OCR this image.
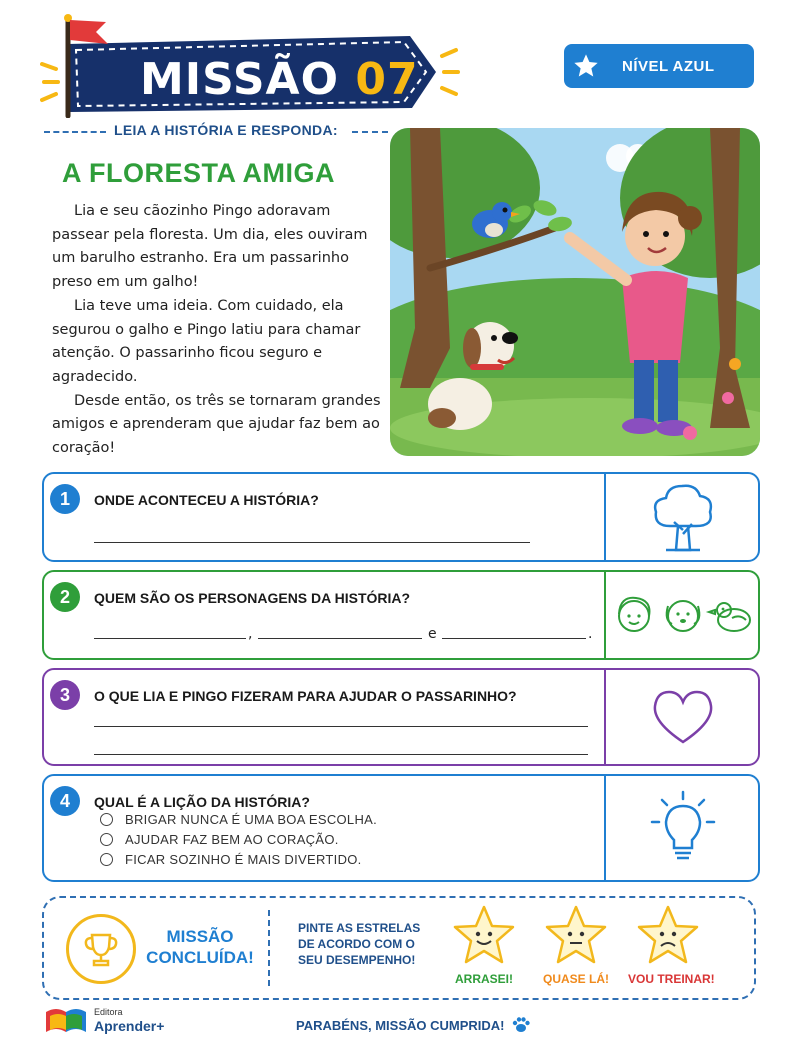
MISSÃO 07	NÍVEL AZUL
LEIA A HISTÓRIA E RESPONDA:
A FLORESTA AMIGA

Lia e seu cãozinho Pingo adoravam passear pela floresta. Um dia, eles ouviram um barulho estranho. Era um passarinho preso em um galho!

Lia teve uma ideia. Com cuidado, ela segurou o galho e Pingo latiu para chamar atenção. O passarinho ficou seguro e agradecido.

Desde então, os três se tornaram grandes amigos e aprenderam que ajudar faz bem ao coração!

1	ONDE ACONTECEU A HISTÓRIA?
2	QUEM SÃO OS PERSONAGENS DA HISTÓRIA?
,	e	.
3	O QUE LIA E PINGO FIZERAM PARA AJUDAR O PASSARINHO?
4	QUAL É A LIÇÃO DA HISTÓRIA?
BRIGAR NUNCA É UMA BOA ESCOLHA.
AJUDAR FAZ BEM AO CORAÇÃO.
FICAR SOZINHO É MAIS DIVERTIDO.
MISSÃO CONCLUÍDA!
PINTE AS ESTRELAS DE ACORDO COM O SEU DESEMPENHO!
ARRASEI!	QUASE LÁ!	VOU TREINAR!
Editora
Aprender+	PARABÉNS, MISSÃO CUMPRIDA!
